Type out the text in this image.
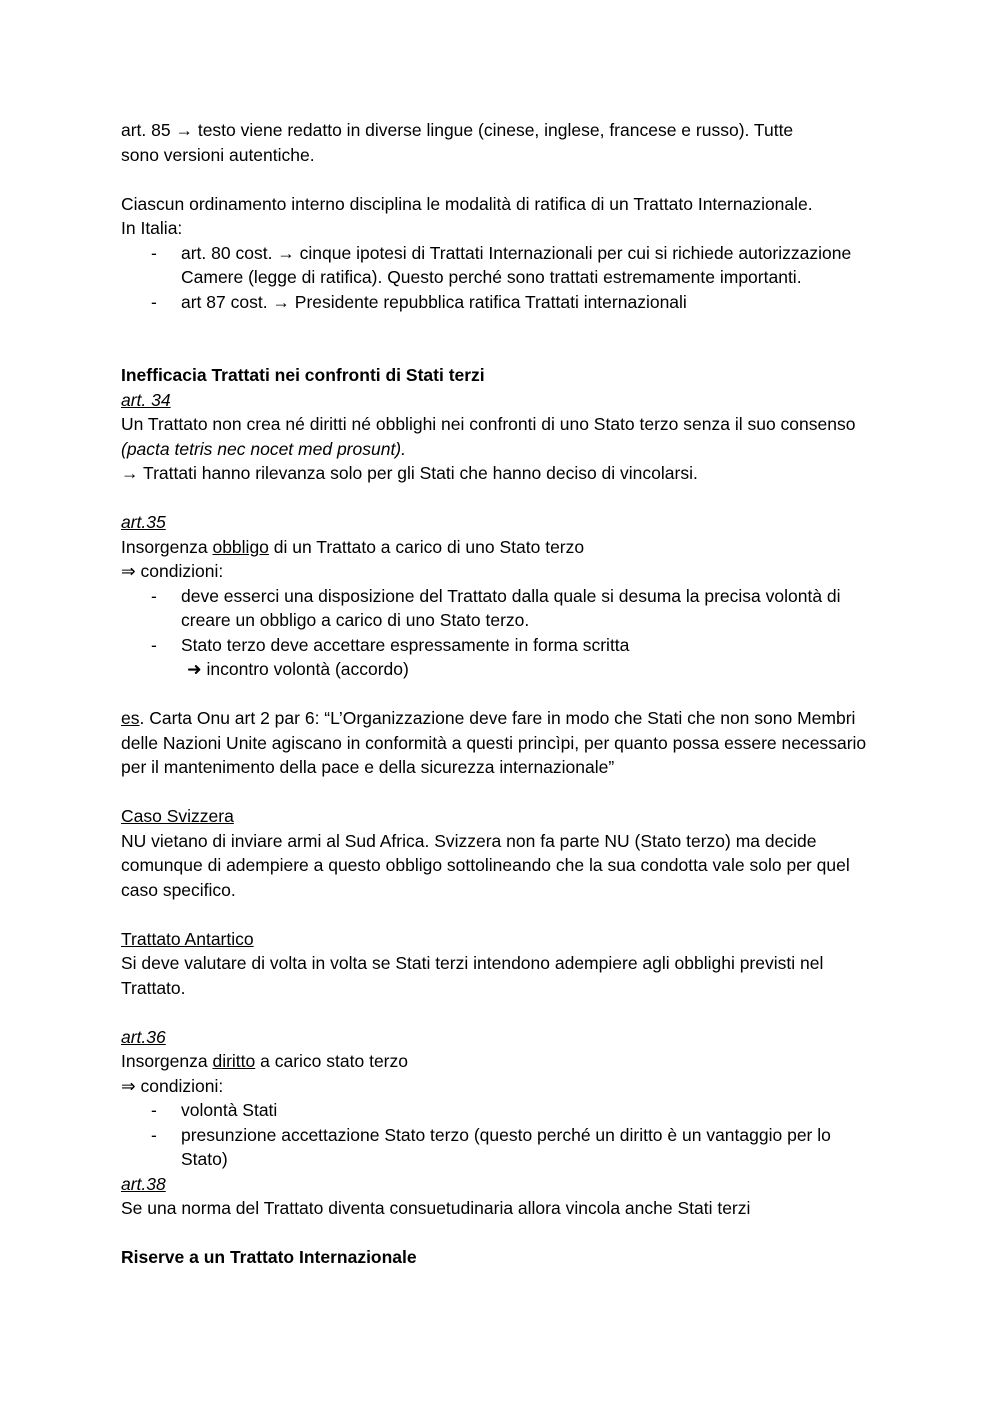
art. 85 → testo viene redatto in diverse lingue (cinese, inglese, francese e russo). Tutte
sono versioni autentiche.

Ciascun ordinamento interno disciplina le modalità di ratifica di un Trattato Internazionale.
In Italia:

- art. 80 cost. → cinque ipotesi di Trattati Internazionali per cui si richiede autorizzazione Camere (legge di ratifica). Questo perché sono trattati estremamente importanti.
- art 87 cost. → Presidente repubblica ratifica Trattati internazionali

Inefficacia Trattati nei confronti di Stati terzi

art. 34

Un Trattato non crea né diritti né obblighi nei confronti di uno Stato terzo senza il suo consenso  (pacta tetris nec nocet med prosunt).

→ Trattati hanno rilevanza solo per gli Stati che hanno deciso di vincolarsi.

art.35

Insorgenza obbligo di un Trattato a carico di uno Stato terzo

⇒ condizioni:

- deve esserci una disposizione del Trattato dalla quale si desuma la precisa volontà di creare un obbligo a carico di uno Stato terzo.
- Stato terzo deve accettare espressamente in forma scritta

➜ incontro volontà (accordo)

es. Carta Onu art 2 par 6: “L’Organizzazione deve fare in modo che Stati che non sono Membri delle Nazioni Unite agiscano in conformità a questi princìpi, per quanto possa essere necessario per il mantenimento della pace e della sicurezza internazionale”

Caso Svizzera

NU vietano di inviare armi al Sud Africa. Svizzera non fa parte NU (Stato terzo) ma decide comunque di adempiere a questo obbligo sottolineando che la sua condotta vale solo per quel caso specifico.

Trattato Antartico

Si deve valutare di volta in volta se Stati terzi intendono adempiere agli obblighi previsti nel Trattato.

art.36

Insorgenza diritto a carico stato terzo

⇒ condizioni:

- volontà Stati
- presunzione accettazione Stato terzo (questo perché un diritto è un vantaggio per lo Stato)

art.38

Se una norma del Trattato diventa consuetudinaria allora vincola anche Stati terzi

Riserve a un Trattato Internazionale
